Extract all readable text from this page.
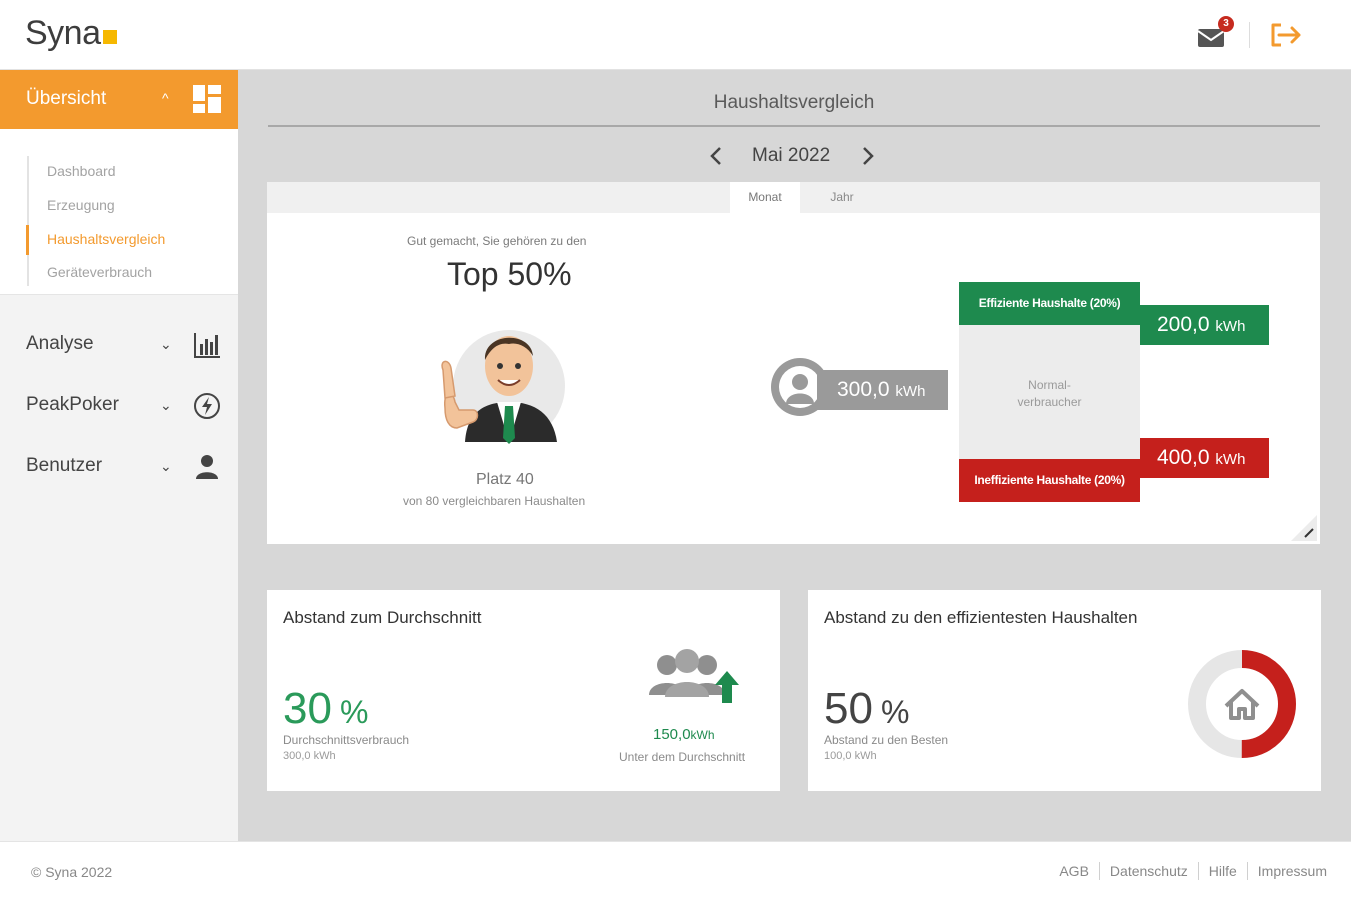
Syna	3
Übersicht	^
Dashboard
Erzeugung
Haushaltsvergleich
Geräteverbrauch
Analyse	⌄
PeakPoker	⌄
Benutzer	⌄
Haushaltsvergleich
Mai 2022
Monat	Jahr
Gut gemacht, Sie gehören zu den
Top 50%
Platz 40
von 80 vergleichbaren Haushalten
300,0 kWh
Effiziente Haushalte (20%)
Normal-
verbraucher
Ineffiziente Haushalte (20%)
200,0 kWh
400,0 kWh
Abstand zum Durchschnitt
30 %
Durchschnittsverbrauch
300,0 kWh
150,0kWh
Unter dem Durchschnitt
Abstand zu den effizientesten Haushalten
50 %
Abstand zu den Besten
100,0 kWh
© Syna 2022	AGB	Datenschutz	Hilfe	Impressum
